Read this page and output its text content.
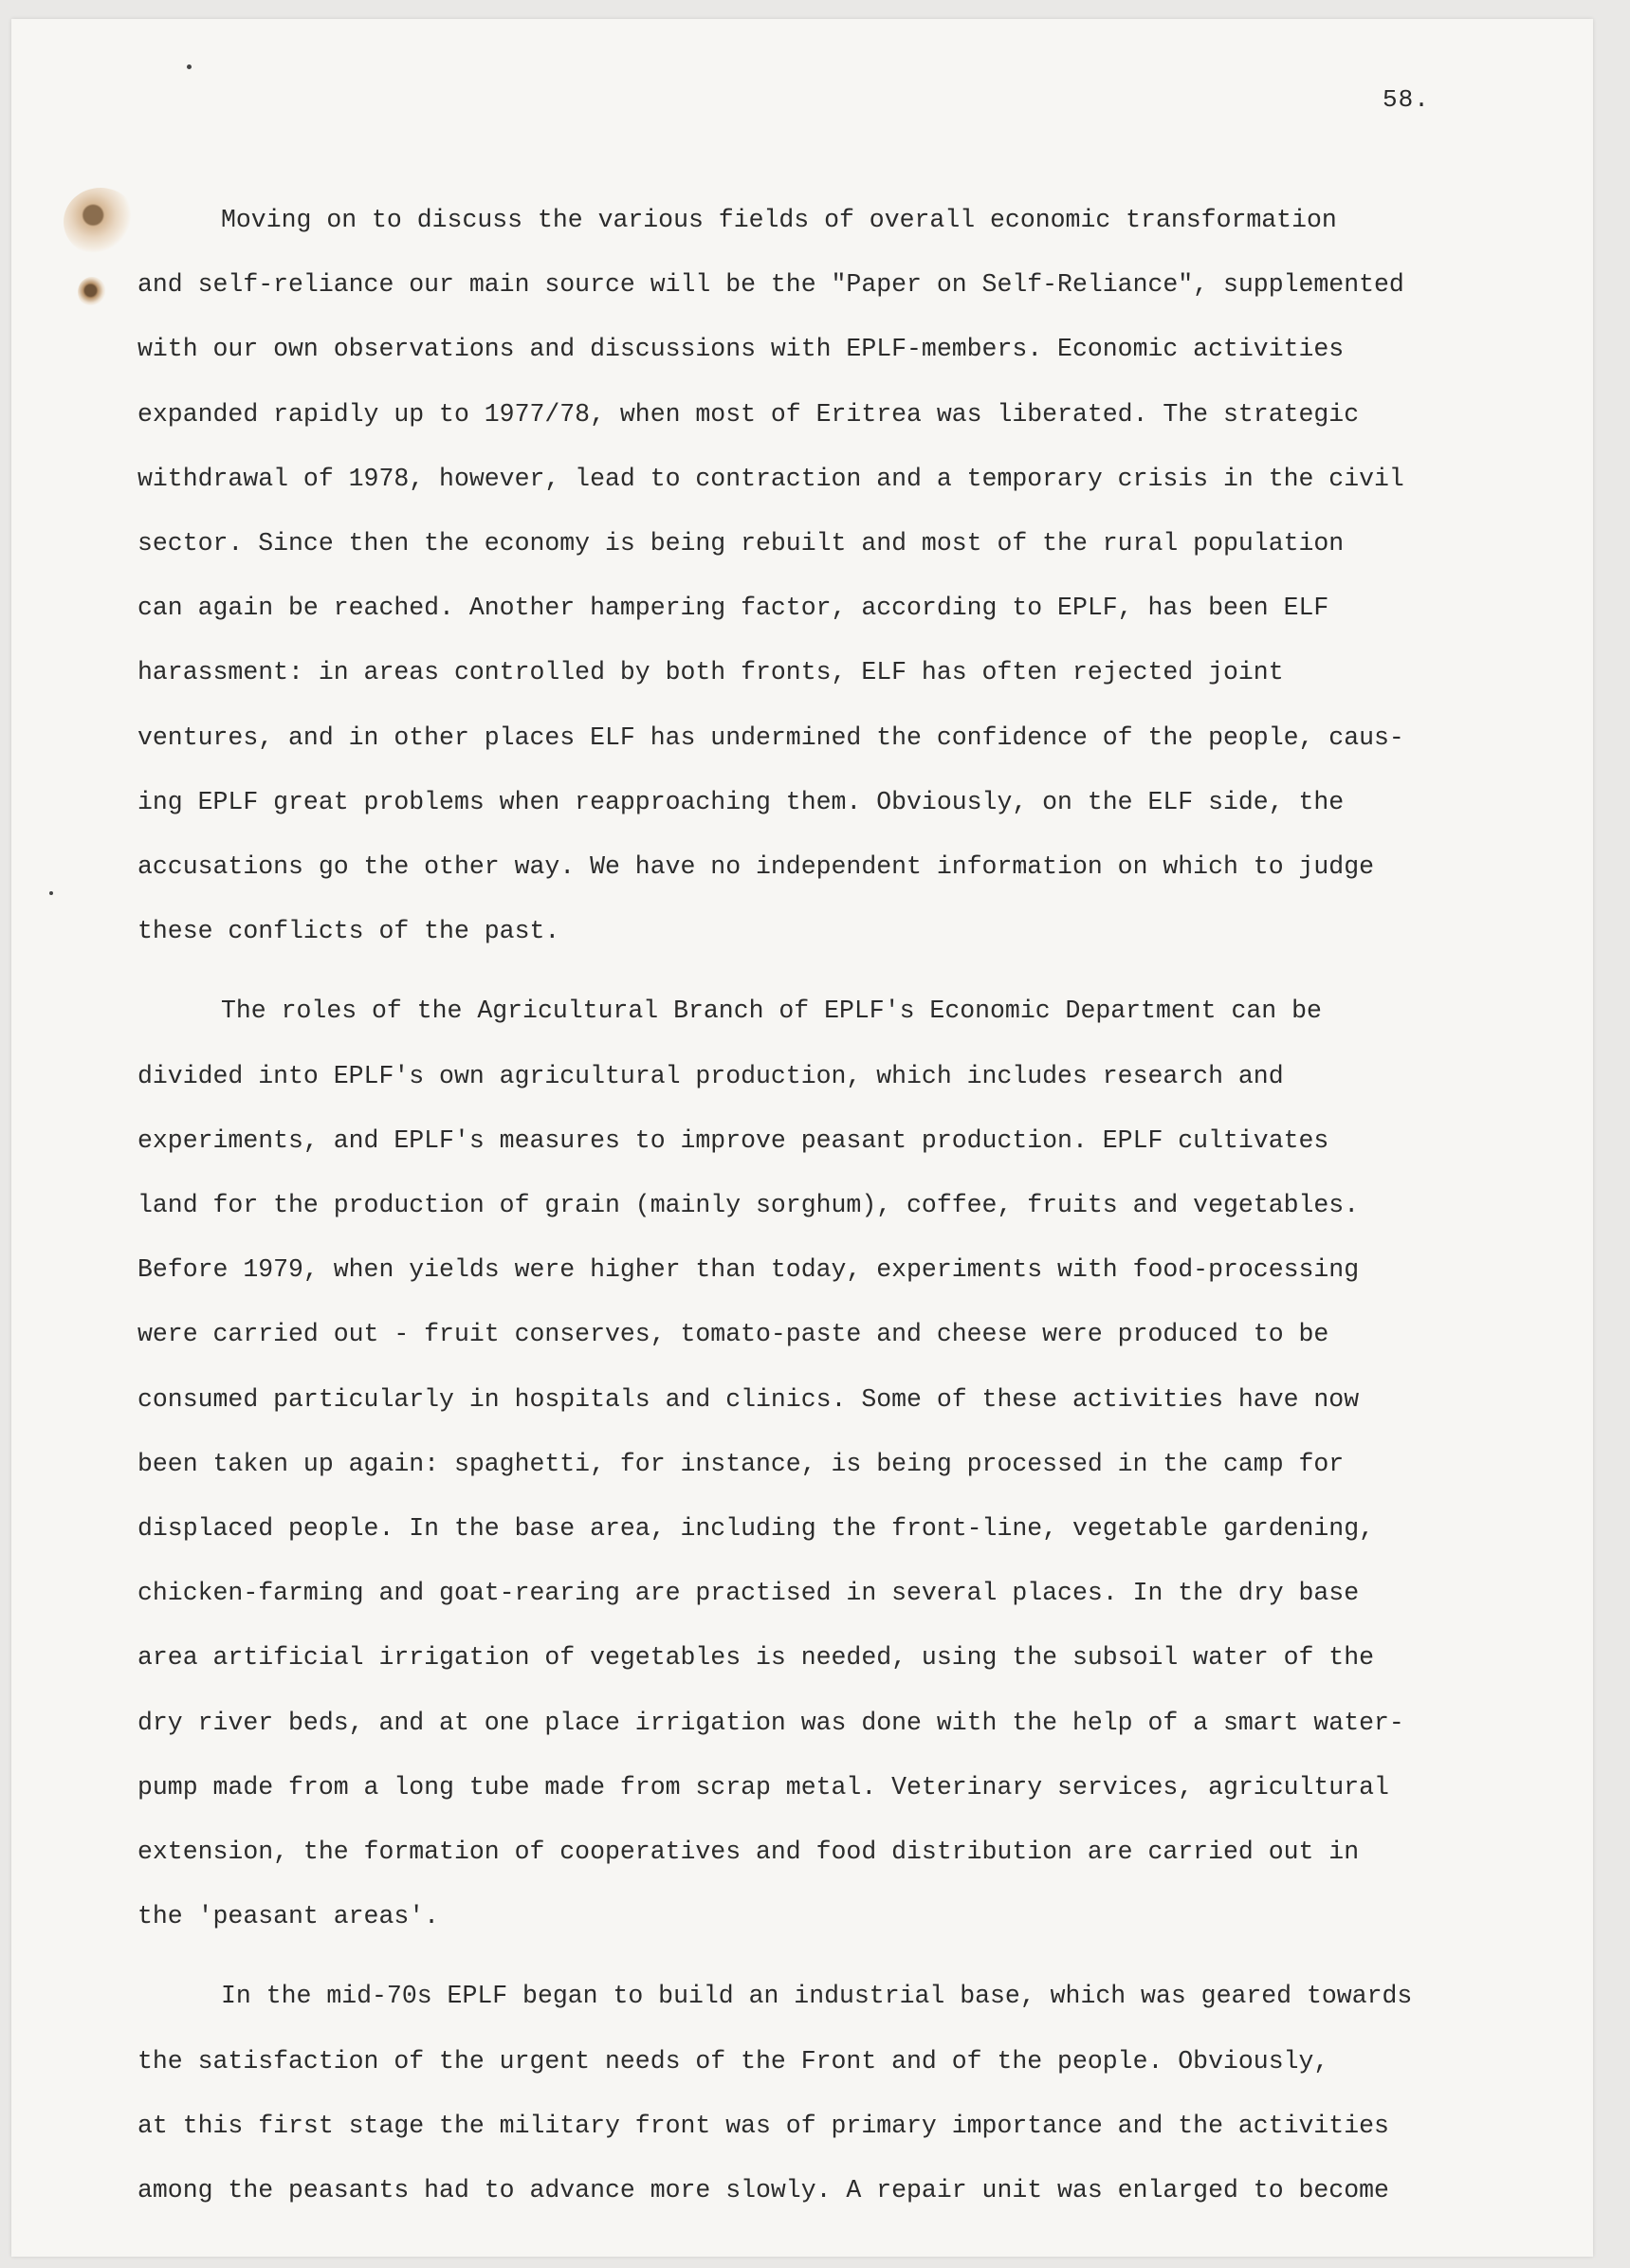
58.
Moving on to discuss the various fields of overall economic transformation
and self-reliance our main source will be the "Paper on Self-Reliance", supplemented
with our own observations and discussions with EPLF-members. Economic activities
expanded rapidly up to 1977/78, when most of Eritrea was liberated. The strategic
withdrawal of 1978, however, lead to contraction and a temporary crisis in the civil
sector. Since then the economy is being rebuilt and most of the rural population
can again be reached. Another hampering factor, according to EPLF, has been ELF
harassment: in areas controlled by both fronts, ELF has often rejected joint
ventures, and in other places ELF has undermined the confidence of the people, caus-
ing EPLF great problems when reapproaching them. Obviously, on the ELF side, the
accusations go the other way. We have no independent information on which to judge
these conflicts of the past.
The roles of the Agricultural Branch of EPLF's Economic Department can be
divided into EPLF's own agricultural production, which includes research and
experiments, and EPLF's measures to improve peasant production. EPLF cultivates
land for the production of grain (mainly sorghum), coffee, fruits and vegetables.
Before 1979, when yields were higher than today, experiments with food-processing
were carried out - fruit conserves, tomato-paste and cheese were produced to be
consumed particularly in hospitals and clinics. Some of these activities have now
been taken up again: spaghetti, for instance, is being processed in the camp for
displaced people. In the base area, including the front-line, vegetable gardening,
chicken-farming and goat-rearing are practised in several places. In the dry base
area artificial irrigation of vegetables is needed, using the subsoil water of the
dry river beds, and at one place irrigation was done with the help of a smart water-
pump made from a long tube made from scrap metal. Veterinary services, agricultural
extension, the formation of cooperatives and food distribution are carried out in
the 'peasant areas'.
In the mid-70s EPLF began to build an industrial base, which was geared towards
the satisfaction of the urgent needs of the Front and of the people. Obviously,
at this first stage the military front was of primary importance and the activities
among the peasants had to advance more slowly. A repair unit was enlarged to become
